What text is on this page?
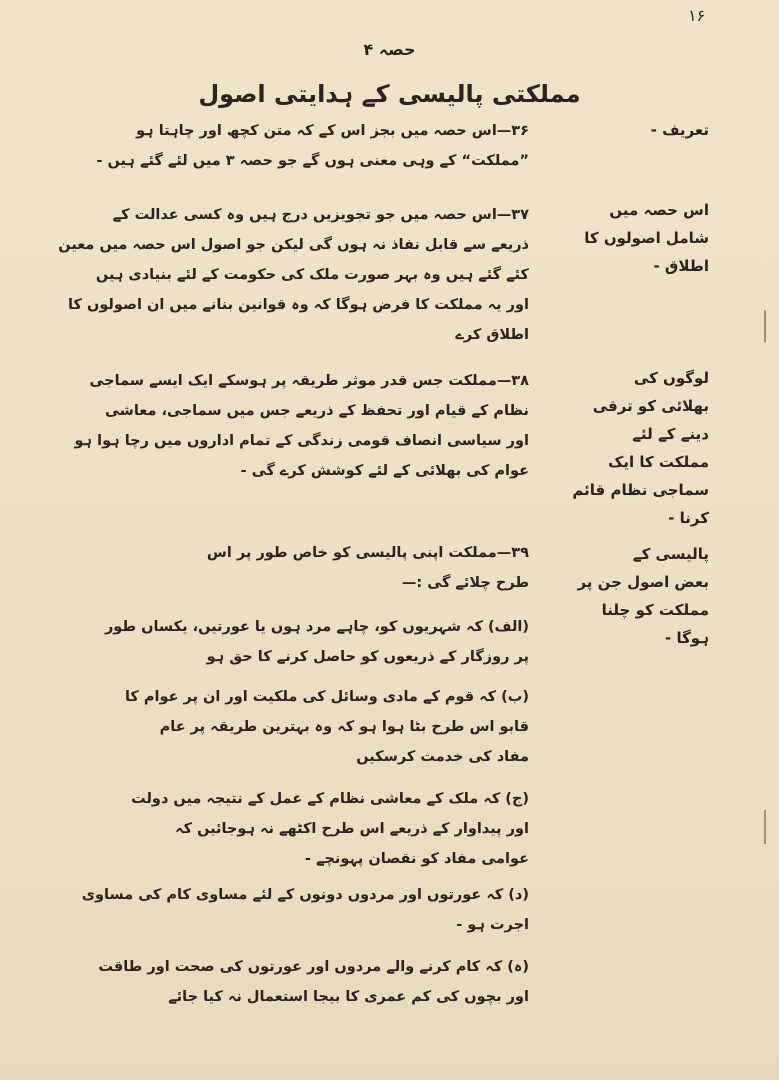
۱۶
حصہ ۴
مملکتی پالیسی کے ہدایتی اصول
تعریف -
۳۶—اس حصہ میں بجز اس کے کہ متن کچھ اور چاہتا ہو
”مملکت“ کے وہی معنی ہوں گے جو حصہ ۳ میں لئے گئے ہیں -
اس حصہ میں
شامل اصولوں کا
اطلاق -
۳۷—اس حصہ میں جو تجویزیں درج ہیں وہ کسی عدالت کے
ذریعے سے قابل نفاذ نہ ہوں گی لیکن جو اصول اس حصہ میں معین
کئے گئے ہیں وہ بہر صورت ملک کی حکومت کے لئے بنیادی ہیں
اور یہ مملکت کا فرض ہوگا کہ وہ قوانین بنانے میں ان اصولوں کا
اطلاق کرے
لوگوں کی
بھلائی کو ترقی
دینے کے لئے
مملکت کا ایک
سماجی نظام قائم
کرنا -
۳۸—مملکت جس قدر موثر طریقہ پر ہوسکے ایک ایسے سماجی
نظام کے قیام اور تحفظ کے ذریعے جس میں سماجی، معاشی
اور سیاسی انصاف قومی زندگی کے تمام اداروں میں رچا ہوا ہو
عوام کی بھلائی کے لئے کوشش کرے گی -
پالیسی کے
بعض اصول جن پر
مملکت کو چلنا
ہوگا -
۳۹—مملکت اپنی پالیسی کو خاص طور پر اس
طرح چلائے گی :—
(الف) کہ شہریوں کو، چاہے مرد ہوں یا عورتیں، یکساں طور
پر روزگار کے ذریعوں کو حاصل کرنے کا حق ہو
(ب) کہ قوم کے مادی وسائل کی ملکیت اور ان پر عوام کا
قابو اس طرح بٹا ہوا ہو کہ وہ بہترین طریقہ پر عام
مفاد کی خدمت کرسکیں
(ج) کہ ملک کے معاشی نظام کے عمل کے نتیجہ میں دولت
اور پیداوار کے ذریعے اس طرح اکٹھے نہ ہوجائیں کہ
عوامی مفاد کو نقصان پہونچے -
(د) کہ عورتوں اور مردوں دونوں کے لئے مساوی کام کی مساوی
اجرت ہو -
(ہ) کہ کام کرنے والے مردوں اور عورتوں کی صحت اور طاقت
اور بچوں کی کم عمری کا بیجا استعمال نہ کیا جائے
